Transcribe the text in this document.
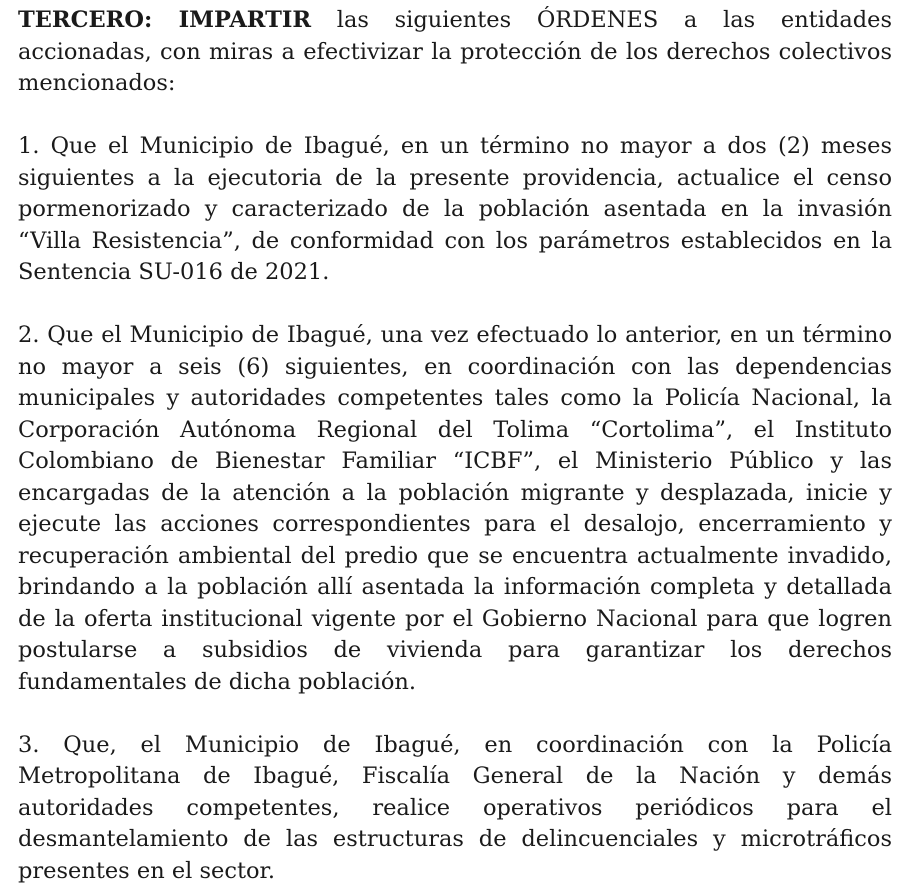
TERCERO: IMPARTIR las siguientes ÓRDENES a las entidades accionadas, con miras a efectivizar la protección de los derechos colectivos mencionados:

1. Que el Municipio de Ibagué, en un término no mayor a dos (2) meses siguientes a la ejecutoria de la presente providencia, actualice el censo pormenorizado y caracterizado de la población asentada en la invasión “Villa Resistencia”, de conformidad con los parámetros establecidos en la Sentencia SU-016 de 2021.

2. Que el Municipio de Ibagué, una vez efectuado lo anterior, en un término no mayor a seis (6) siguientes, en coordinación con las dependencias municipales y autoridades competentes tales como la Policía Nacional, la Corporación Autónoma Regional del Tolima “Cortolima”, el Instituto Colombiano de Bienestar Familiar “ICBF”, el Ministerio Público y las encargadas de la atención a la población migrante y desplazada, inicie y ejecute las acciones correspondientes para el desalojo, encerramiento y recuperación ambiental del predio que se encuentra actualmente invadido, brindando a la población allí asentada la información completa y detallada de la oferta institucional vigente por el Gobierno Nacional para que logren postularse a subsidios de vivienda para garantizar los derechos fundamentales de dicha población.

3. Que, el Municipio de Ibagué, en coordinación con la Policía Metropolitana de Ibagué, Fiscalía General de la Nación y demás autoridades competentes, realice operativos periódicos para el desmantelamiento de las estructuras de delincuenciales y microtráficos presentes en el sector.
